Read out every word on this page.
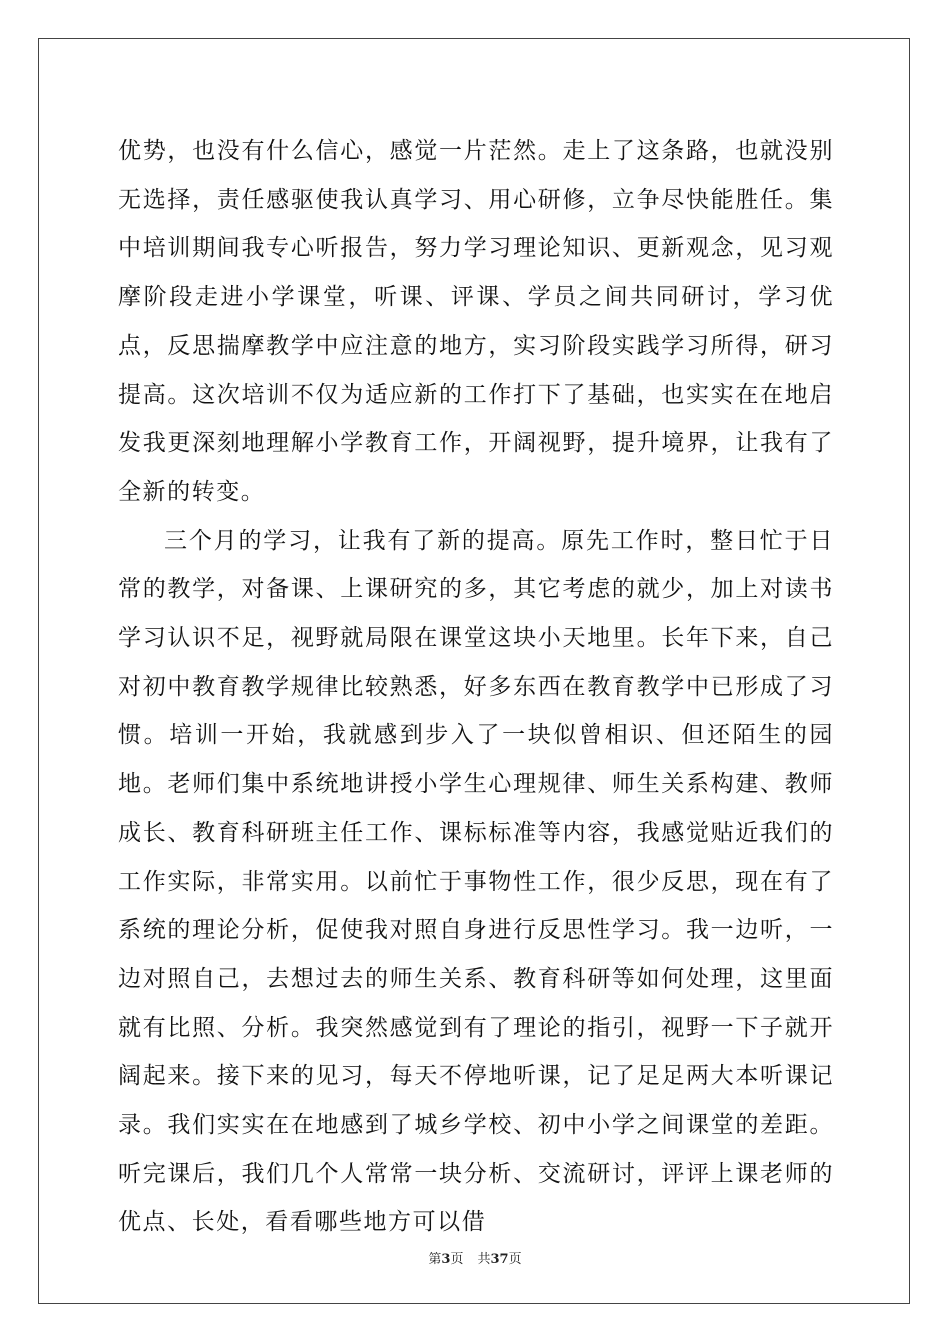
优势，也没有什么信心，感觉一片茫然。走上了这条路，也就没别无选择，责任感驱使我认真学习、用心研修，立争尽快能胜任。集中培训期间我专心听报告，努力学习理论知识、更新观念，见习观摩阶段走进小学课堂，听课、评课、学员之间共同研讨，学习优点，反思揣摩教学中应注意的地方，实习阶段实践学习所得，研习提高。这次培训不仅为适应新的工作打下了基础，也实实在在地启发我更深刻地理解小学教育工作，开阔视野，提升境界，让我有了全新的转变。

三个月的学习，让我有了新的提高。原先工作时，整日忙于日常的教学，对备课、上课研究的多，其它考虑的就少，加上对读书学习认识不足，视野就局限在课堂这块小天地里。长年下来，自己对初中教育教学规律比较熟悉，好多东西在教育教学中已形成了习惯。培训一开始，我就感到步入了一块似曾相识、但还陌生的园地。老师们集中系统地讲授小学生心理规律、师生关系构建、教师成长、教育科研班主任工作、课标标准等内容，我感觉贴近我们的工作实际，非常实用。以前忙于事物性工作，很少反思，现在有了系统的理论分析，促使我对照自身进行反思性学习。我一边听，一边对照自己，去想过去的师生关系、教育科研等如何处理，这里面就有比照、分析。我突然感觉到有了理论的指引，视野一下子就开阔起来。接下来的见习，每天不停地听课，记了足足两大本听课记录。我们实实在在地感到了城乡学校、初中小学之间课堂的差距。听完课后，我们几个人常常一块分析、交流研讨，评评上课老师的优点、长处，看看哪些地方可以借

第3页 共37页
